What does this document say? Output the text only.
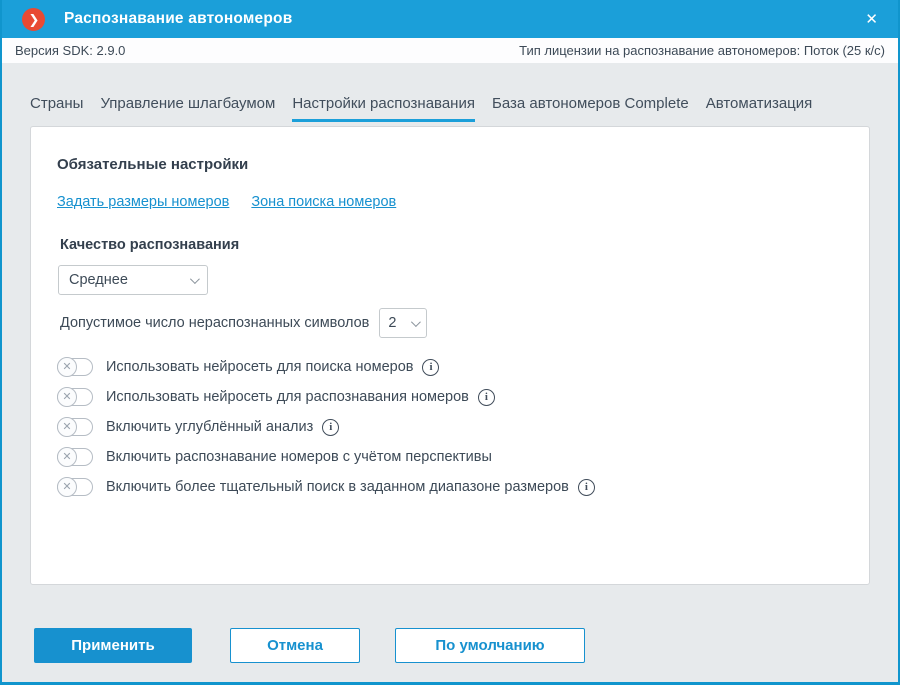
❯ Распознавание автономеров	✕
Версия SDK: 2.9.0	Тип лицензии на распознавание автономеров: Поток (25 к/с)
Страны Управление шлагбаумом Настройки распознавания База автономеров Complete Автоматизация
Обязательные настройки
Задать размеры номеров Зона поиска номеров
Качество распознавания
Среднее
Допустимое число нераспознанных символов 2
✕	Использовать нейросеть для поиска номеров	i
✕	Использовать нейросеть для распознавания номеров	i
✕	Включить углублённый анализ	i
✕	Включить распознавание номеров с учётом перспективы
✕	Включить более тщательный поиск в заданном диапазоне размеров	i
Применить	Отмена	По умолчанию
